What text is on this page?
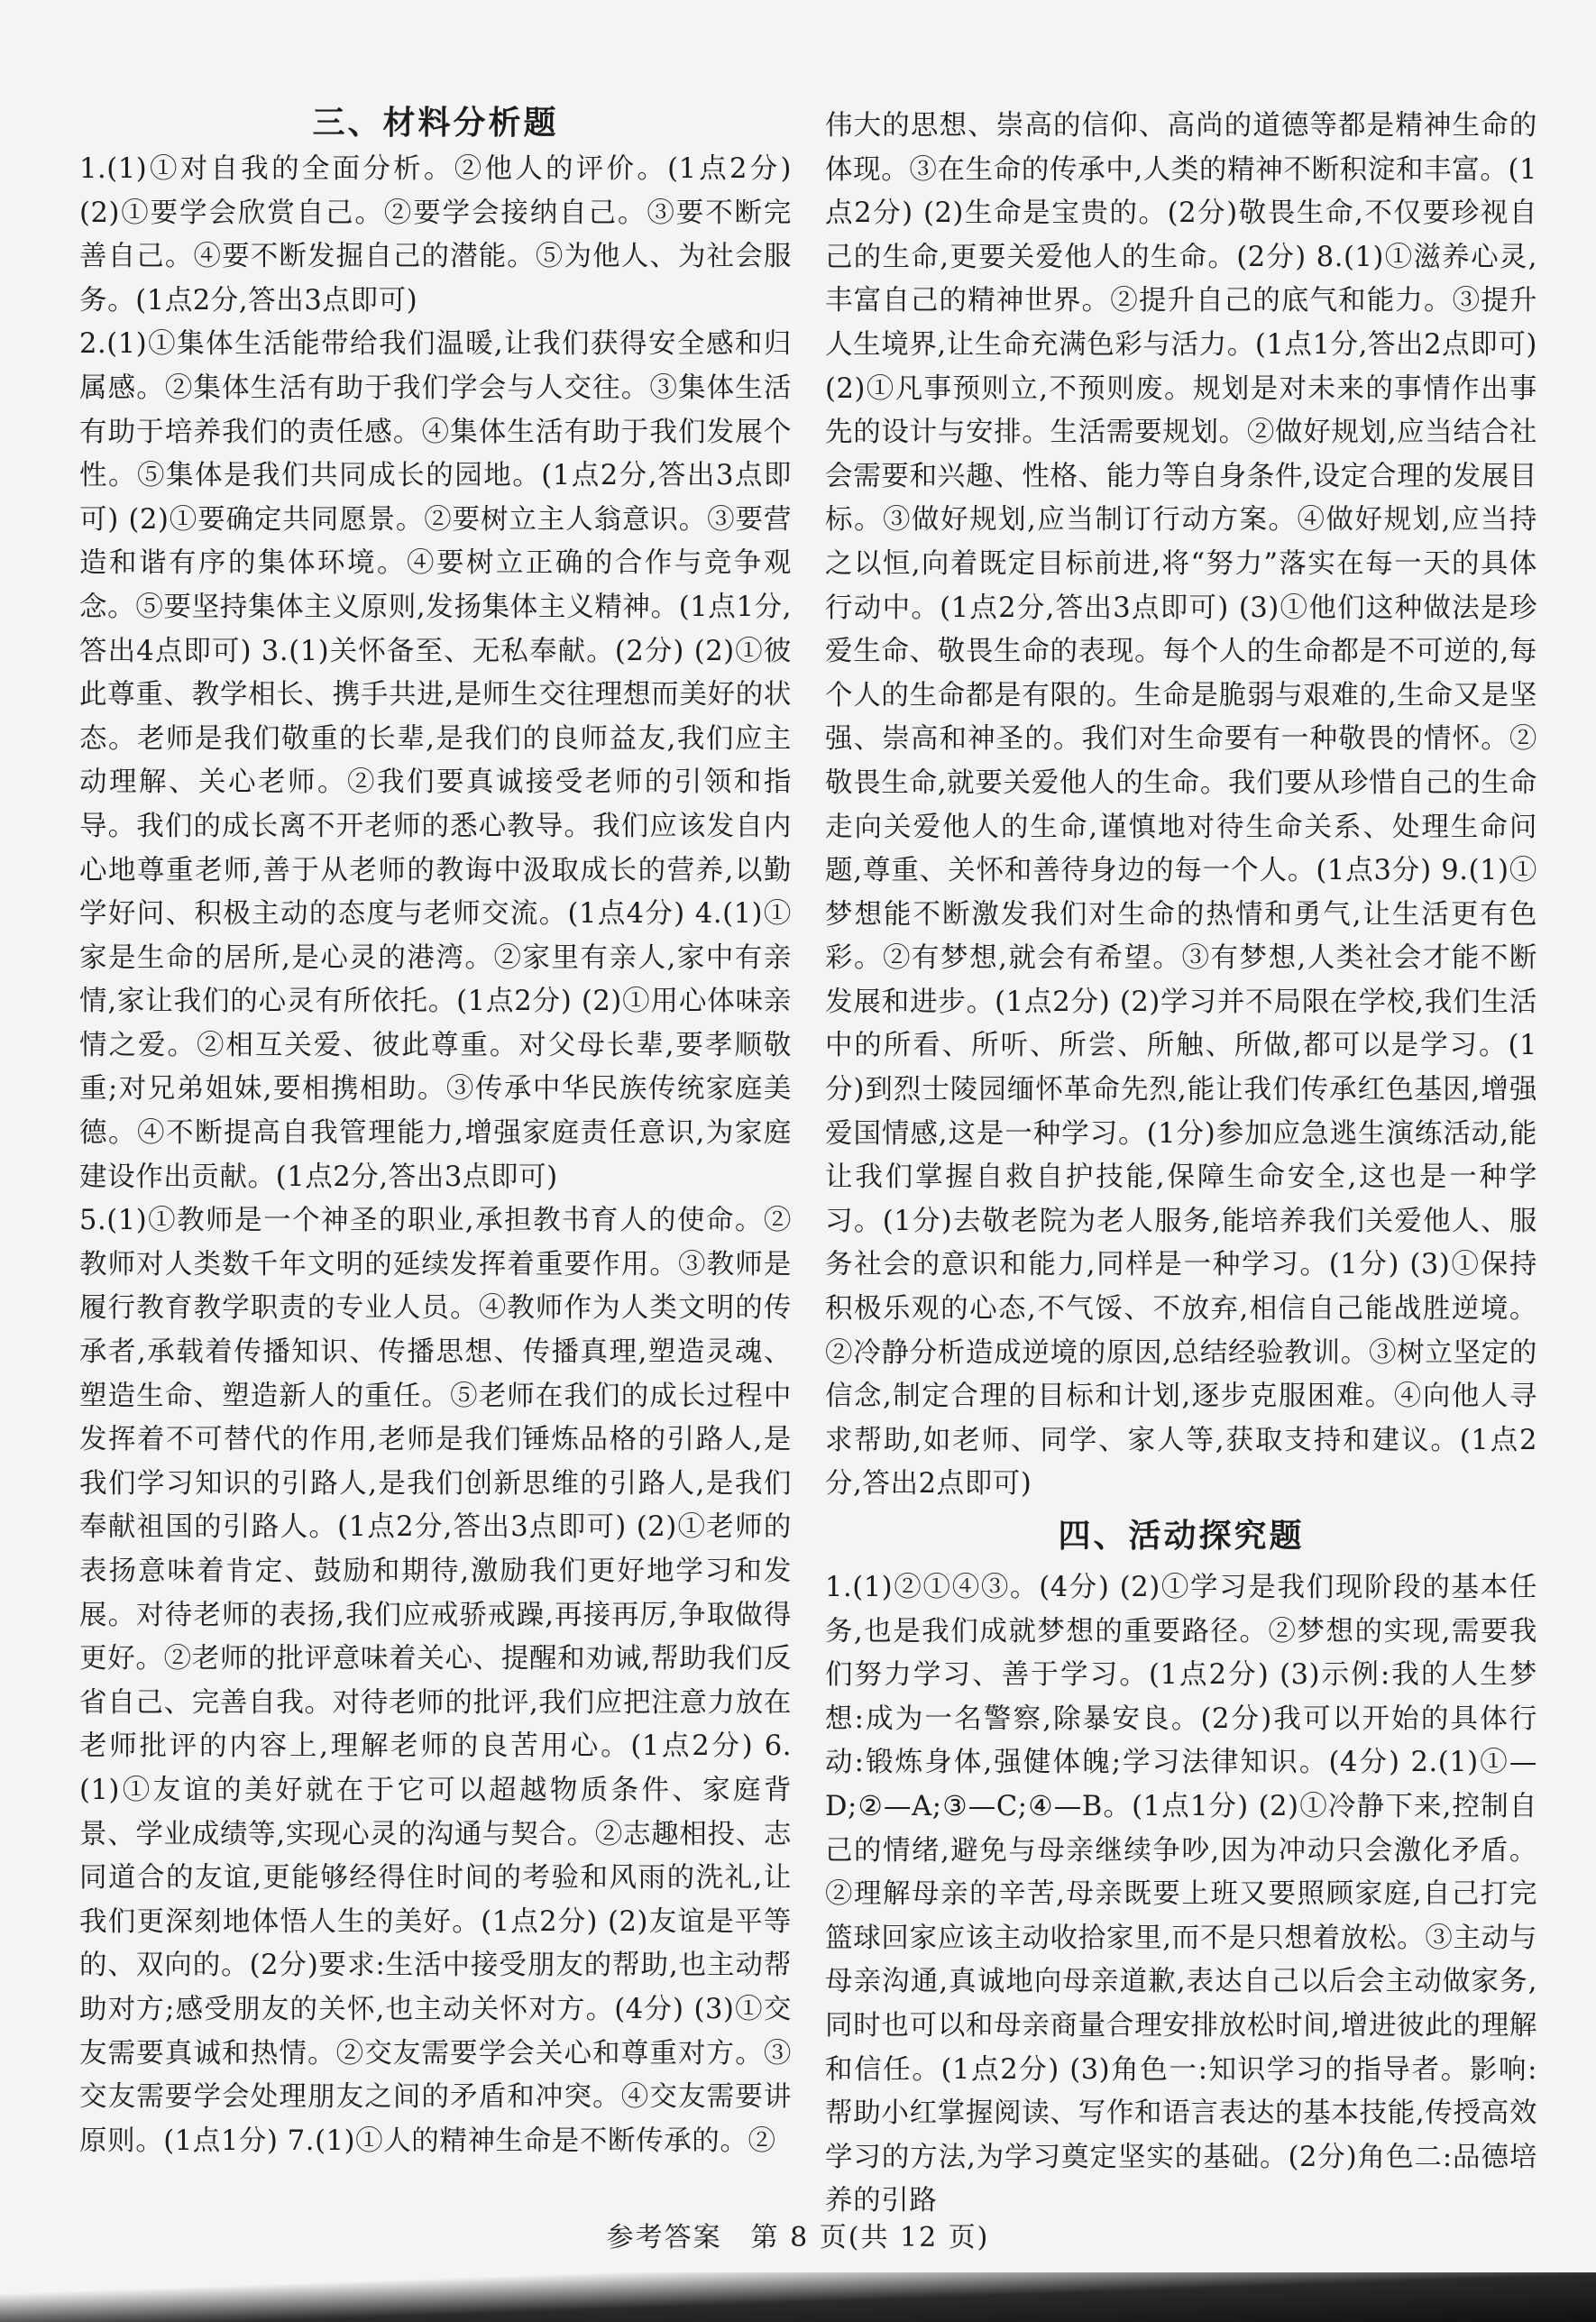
三、材料分析题

1.(1)①对自我的全面分析。②他人的评价。(1点2分) (2)①要学会欣赏自己。②要学会接纳自己。③要不断完善自己。④要不断发掘自己的潜能。⑤为他人、为社会服务。(1点2分,答出3点即可)

2.(1)①集体生活能带给我们温暖,让我们获得安全感和归属感。②集体生活有助于我们学会与人交往。③集体生活有助于培养我们的责任感。④集体生活有助于我们发展个性。⑤集体是我们共同成长的园地。(1点2分,答出3点即可) (2)①要确定共同愿景。②要树立主人翁意识。③要营造和谐有序的集体环境。④要树立正确的合作与竞争观念。⑤要坚持集体主义原则,发扬集体主义精神。(1点1分,答出4点即可) 3.(1)关怀备至、无私奉献。(2分) (2)①彼此尊重、教学相长、携手共进,是师生交往理想而美好的状态。老师是我们敬重的长辈,是我们的良师益友,我们应主动理解、关心老师。②我们要真诚接受老师的引领和指导。我们的成长离不开老师的悉心教导。我们应该发自内心地尊重老师,善于从老师的教诲中汲取成长的营养,以勤学好问、积极主动的态度与老师交流。(1点4分) 4.(1)①家是生命的居所,是心灵的港湾。②家里有亲人,家中有亲情,家让我们的心灵有所依托。(1点2分) (2)①用心体味亲情之爱。②相互关爱、彼此尊重。对父母长辈,要孝顺敬重;对兄弟姐妹,要相携相助。③传承中华民族传统家庭美德。④不断提高自我管理能力,增强家庭责任意识,为家庭建设作出贡献。(1点2分,答出3点即可)

5.(1)①教师是一个神圣的职业,承担教书育人的使命。②教师对人类数千年文明的延续发挥着重要作用。③教师是履行教育教学职责的专业人员。④教师作为人类文明的传承者,承载着传播知识、传播思想、传播真理,塑造灵魂、塑造生命、塑造新人的重任。⑤老师在我们的成长过程中发挥着不可替代的作用,老师是我们锤炼品格的引路人,是我们学习知识的引路人,是我们创新思维的引路人,是我们奉献祖国的引路人。(1点2分,答出3点即可) (2)①老师的表扬意味着肯定、鼓励和期待,激励我们更好地学习和发展。对待老师的表扬,我们应戒骄戒躁,再接再厉,争取做得更好。②老师的批评意味着关心、提醒和劝诫,帮助我们反省自己、完善自我。对待老师的批评,我们应把注意力放在老师批评的内容上,理解老师的良苦用心。(1点2分) 6.(1)①友谊的美好就在于它可以超越物质条件、家庭背景、学业成绩等,实现心灵的沟通与契合。②志趣相投、志同道合的友谊,更能够经得住时间的考验和风雨的洗礼,让我们更深刻地体悟人生的美好。(1点2分) (2)友谊是平等的、双向的。(2分)要求:生活中接受朋友的帮助,也主动帮助对方;感受朋友的关怀,也主动关怀对方。(4分) (3)①交友需要真诚和热情。②交友需要学会关心和尊重对方。③交友需要学会处理朋友之间的矛盾和冲突。④交友需要讲原则。(1点1分) 7.(1)①人的精神生命是不断传承的。②

伟大的思想、崇高的信仰、高尚的道德等都是精神生命的体现。③在生命的传承中,人类的精神不断积淀和丰富。(1点2分) (2)生命是宝贵的。(2分)敬畏生命,不仅要珍视自己的生命,更要关爱他人的生命。(2分) 8.(1)①滋养心灵,丰富自己的精神世界。②提升自己的底气和能力。③提升人生境界,让生命充满色彩与活力。(1点1分,答出2点即可) (2)①凡事预则立,不预则废。规划是对未来的事情作出事先的设计与安排。生活需要规划。②做好规划,应当结合社会需要和兴趣、性格、能力等自身条件,设定合理的发展目标。③做好规划,应当制订行动方案。④做好规划,应当持之以恒,向着既定目标前进,将“努力”落实在每一天的具体行动中。(1点2分,答出3点即可) (3)①他们这种做法是珍爱生命、敬畏生命的表现。每个人的生命都是不可逆的,每个人的生命都是有限的。生命是脆弱与艰难的,生命又是坚强、崇高和神圣的。我们对生命要有一种敬畏的情怀。②敬畏生命,就要关爱他人的生命。我们要从珍惜自己的生命走向关爱他人的生命,谨慎地对待生命关系、处理生命问题,尊重、关怀和善待身边的每一个人。(1点3分) 9.(1)①梦想能不断激发我们对生命的热情和勇气,让生活更有色彩。②有梦想,就会有希望。③有梦想,人类社会才能不断发展和进步。(1点2分) (2)学习并不局限在学校,我们生活中的所看、所听、所尝、所触、所做,都可以是学习。(1分)到烈士陵园缅怀革命先烈,能让我们传承红色基因,增强爱国情感,这是一种学习。(1分)参加应急逃生演练活动,能让我们掌握自救自护技能,保障生命安全,这也是一种学习。(1分)去敬老院为老人服务,能培养我们关爱他人、服务社会的意识和能力,同样是一种学习。(1分) (3)①保持积极乐观的心态,不气馁、不放弃,相信自己能战胜逆境。②冷静分析造成逆境的原因,总结经验教训。③树立坚定的信念,制定合理的目标和计划,逐步克服困难。④向他人寻求帮助,如老师、同学、家人等,获取支持和建议。(1点2分,答出2点即可)

四、活动探究题

1.(1)②①④③。(4分) (2)①学习是我们现阶段的基本任务,也是我们成就梦想的重要路径。②梦想的实现,需要我们努力学习、善于学习。(1点2分) (3)示例:我的人生梦想:成为一名警察,除暴安良。(2分)我可以开始的具体行动:锻炼身体,强健体魄;学习法律知识。(4分) 2.(1)①—D;②—A;③—C;④—B。(1点1分) (2)①冷静下来,控制自己的情绪,避免与母亲继续争吵,因为冲动只会激化矛盾。②理解母亲的辛苦,母亲既要上班又要照顾家庭,自己打完篮球回家应该主动收拾家里,而不是只想着放松。③主动与母亲沟通,真诚地向母亲道歉,表达自己以后会主动做家务,同时也可以和母亲商量合理安排放松时间,增进彼此的理解和信任。(1点2分) (3)角色一:知识学习的指导者。影响:帮助小红掌握阅读、写作和语言表达的基本技能,传授高效学习的方法,为学习奠定坚实的基础。(2分)角色二:品德培养的引路

参考答案　第 8 页(共 12 页)
